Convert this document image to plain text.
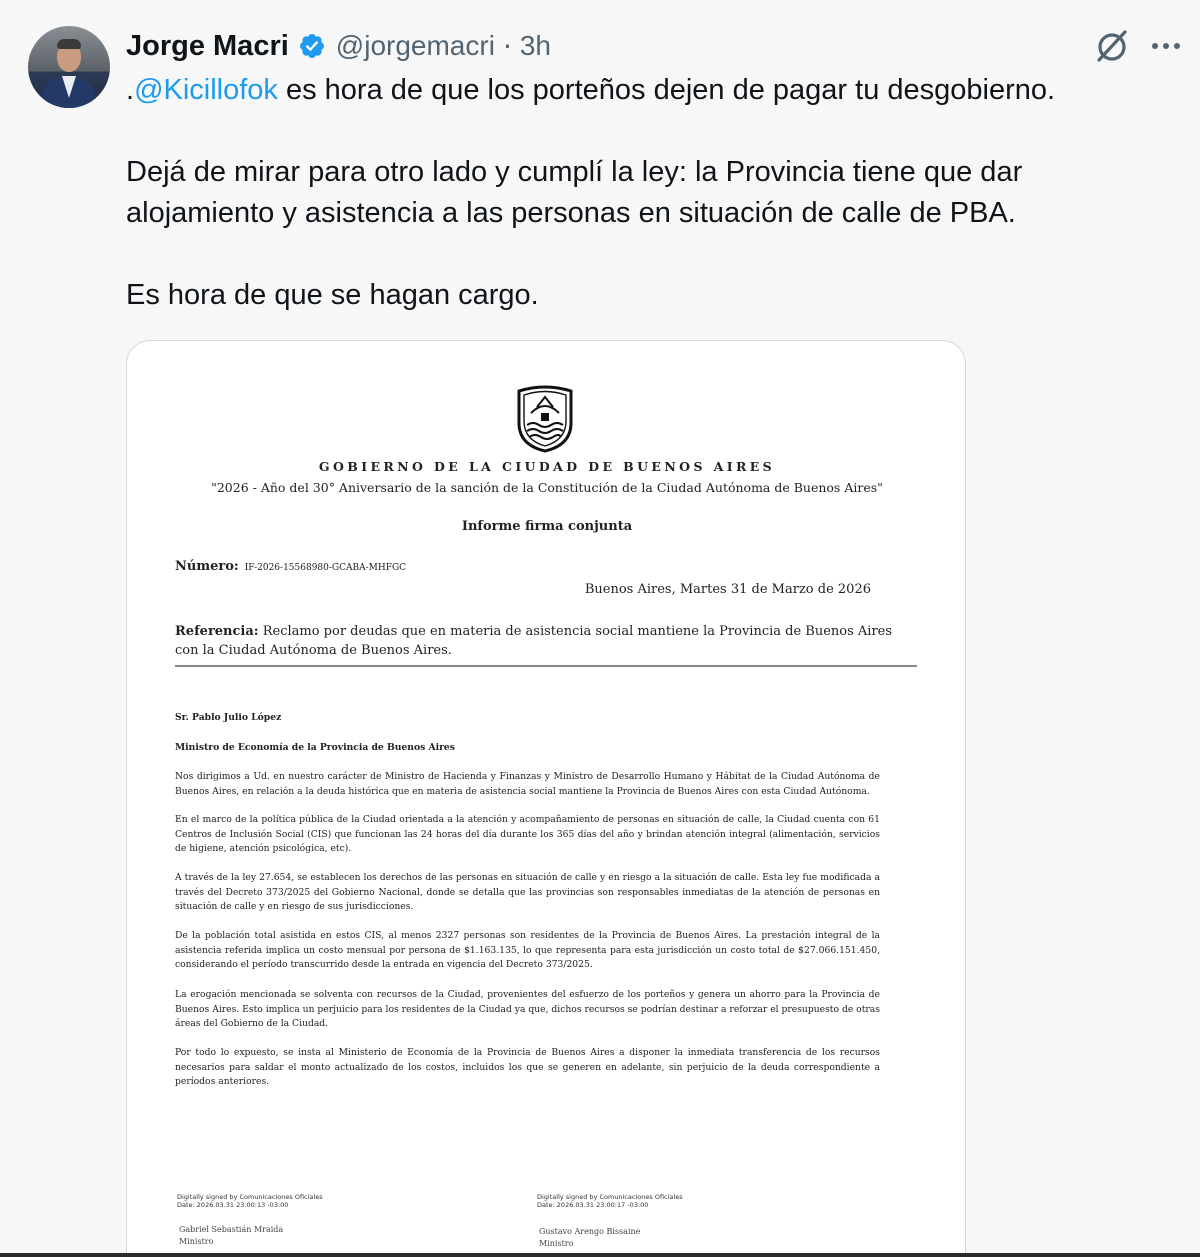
Jorge Macri @jorgemacri · 3h
.@Kicillofok es hora de que los porteños dejen de pagar tu desgobierno.
Dejá de mirar para otro lado y cumplí la ley: la Provincia tiene que dar
alojamiento y asistencia a las personas en situación de calle de PBA.
Es hora de que se hagan cargo.
GOBIERNO DE LA CIUDAD DE BUENOS AIRES
"2026 - Año del 30° Aniversario de la sanción de la Constitución de la Ciudad Autónoma de Buenos Aires"
Informe firma conjunta
Número: IF-2026-15568980-GCABA-MHFGC
Buenos Aires, Martes 31 de Marzo de 2026
Referencia: Reclamo por deudas que en materia de asistencia social mantiene la Provincia de Buenos Aires con la Ciudad Autónoma de Buenos Aires.
Sr. Pablo Julio López
Ministro de Economía de la Provincia de Buenos Aires
Nos dirigimos a Ud. en nuestro carácter de Ministro de Hacienda y Finanzas y Ministro de Desarrollo Humano y Hábitat de la Ciudad Autónoma de Buenos Aires, en relación a la deuda histórica que en materia de asistencia social mantiene la Provincia de Buenos Aires con esta Ciudad Autónoma.
En el marco de la política pública de la Ciudad orientada a la atención y acompañamiento de personas en situación de calle, la Ciudad cuenta con 61 Centros de Inclusión Social (CIS) que funcionan las 24 horas del día durante los 365 días del año y brindan atención integral (alimentación, servicios de higiene, atención psicológica, etc).
A través de la ley 27.654, se establecen los derechos de las personas en situación de calle y en riesgo a la situación de calle. Esta ley fue modificada a través del Decreto 373/2025 del Gobierno Nacional, donde se detalla que las provincias son responsables inmediatas de la atención de personas en situación de calle y en riesgo de sus jurisdicciones.
De la población total asistida en estos CIS, al menos 2327 personas son residentes de la Provincia de Buenos Aires. La prestación integral de la asistencia referida implica un costo mensual por persona de $1.163.135, lo que representa para esta jurisdicción un costo total de $27.066.151.450, considerando el período transcurrido desde la entrada en vigencia del Decreto 373/2025.
La erogación mencionada se solventa con recursos de la Ciudad, provenientes del esfuerzo de los porteños y genera un ahorro para la Provincia de Buenos Aires. Esto implica un perjuicio para los residentes de la Ciudad ya que, dichos recursos se podrían destinar a reforzar el presupuesto de otras áreas del Gobierno de la Ciudad.
Por todo lo expuesto, se insta al Ministerio de Economía de la Provincia de Buenos Aires a disponer la inmediata transferencia de los recursos necesarios para saldar el monto actualizado de los costos, incluidos los que se generen en adelante, sin perjuicio de la deuda correspondiente a períodos anteriores.
Digitally signed by Comunicaciones Oficiales
Date: 2026.03.31 23:00:13 -03:00
Gabriel Sebastián Mraida
Ministro
Digitally signed by Comunicaciones Oficiales
Date: 2026.03.31 23:00:17 -03:00
Gustavo Arengo Bissaine
Ministro
